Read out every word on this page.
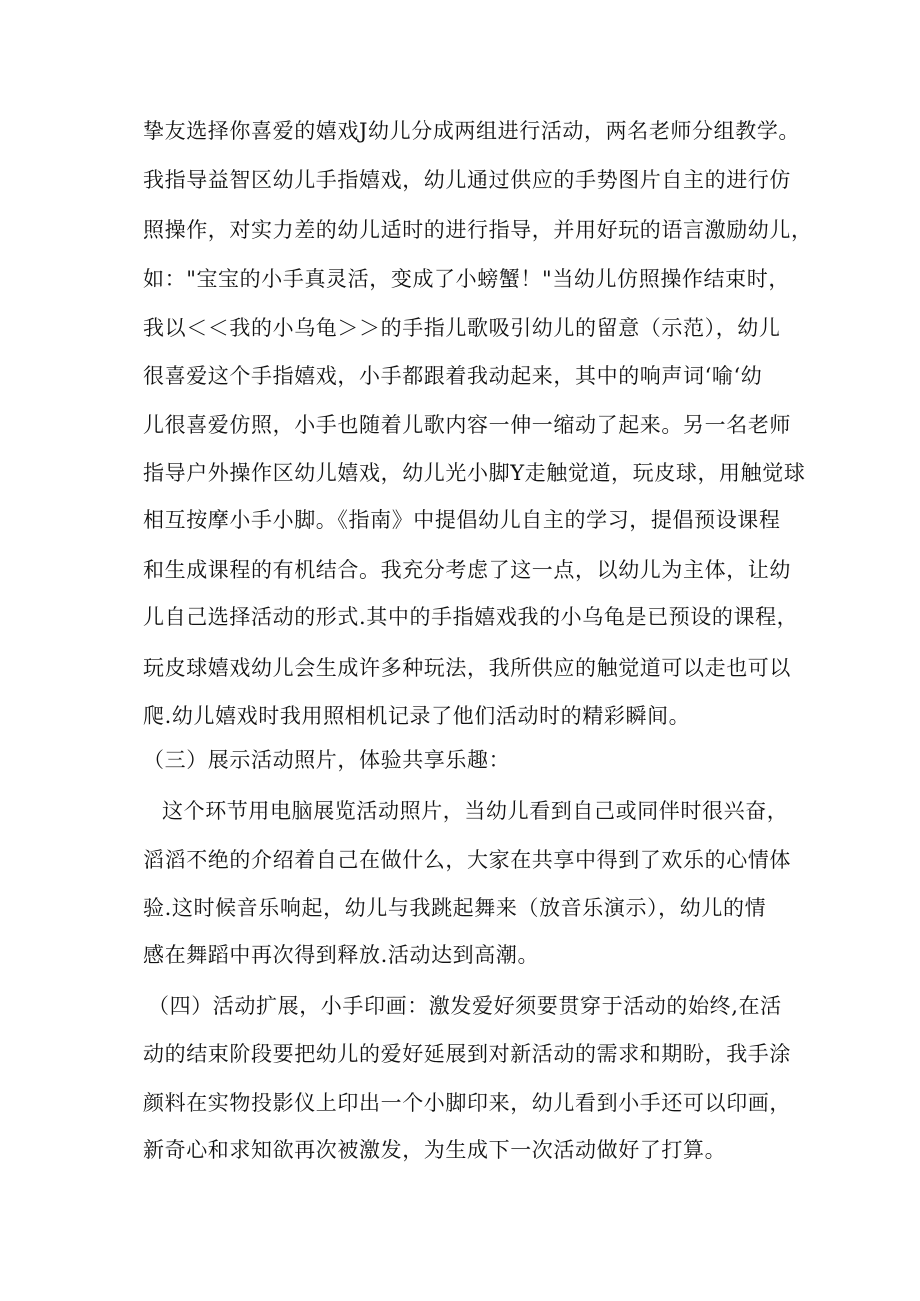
挚友选择你喜爱的嬉戏J幼儿分成两组进行活动，两名老师分组教学。
我指导益智区幼儿手指嬉戏，幼儿通过供应的手势图片自主的进行仿
照操作，对实力差的幼儿适时的进行指导，并用好玩的语言激励幼儿，
如："宝宝的小手真灵活，变成了小螃蟹！"当幼儿仿照操作结束时，
我以＜＜我的小乌龟＞＞的手指儿歌吸引幼儿的留意（示范），幼儿
很喜爱这个手指嬉戏，小手都跟着我动起来，其中的响声词‘喻‘幼
儿很喜爱仿照，小手也随着儿歌内容一伸一缩动了起来。另一名老师
指导户外操作区幼儿嬉戏，幼儿光小脚Y走触觉道，玩皮球，用触觉球
相互按摩小手小脚。《指南》中提倡幼儿自主的学习，提倡预设课程
和生成课程的有机结合。我充分考虑了这一点，以幼儿为主体，让幼
儿自己选择活动的形式.其中的手指嬉戏我的小乌龟是已预设的课程，
玩皮球嬉戏幼儿会生成许多种玩法，我所供应的触觉道可以走也可以
爬.幼儿嬉戏时我用照相机记录了他们活动时的精彩瞬间。
（三）展示活动照片，体验共享乐趣：
这个环节用电脑展览活动照片，当幼儿看到自己或同伴时很兴奋，
滔滔不绝的介绍着自己在做什么，大家在共享中得到了欢乐的心情体
验.这时候音乐响起，幼儿与我跳起舞来（放音乐演示），幼儿的情
感在舞蹈中再次得到释放.活动达到高潮。
（四）活动扩展，小手印画：激发爱好须要贯穿于活动的始终,在活
动的结束阶段要把幼儿的爱好延展到对新活动的需求和期盼，我手涂
颜料在实物投影仪上印出一个小脚印来，幼儿看到小手还可以印画，
新奇心和求知欲再次被激发，为生成下一次活动做好了打算。
